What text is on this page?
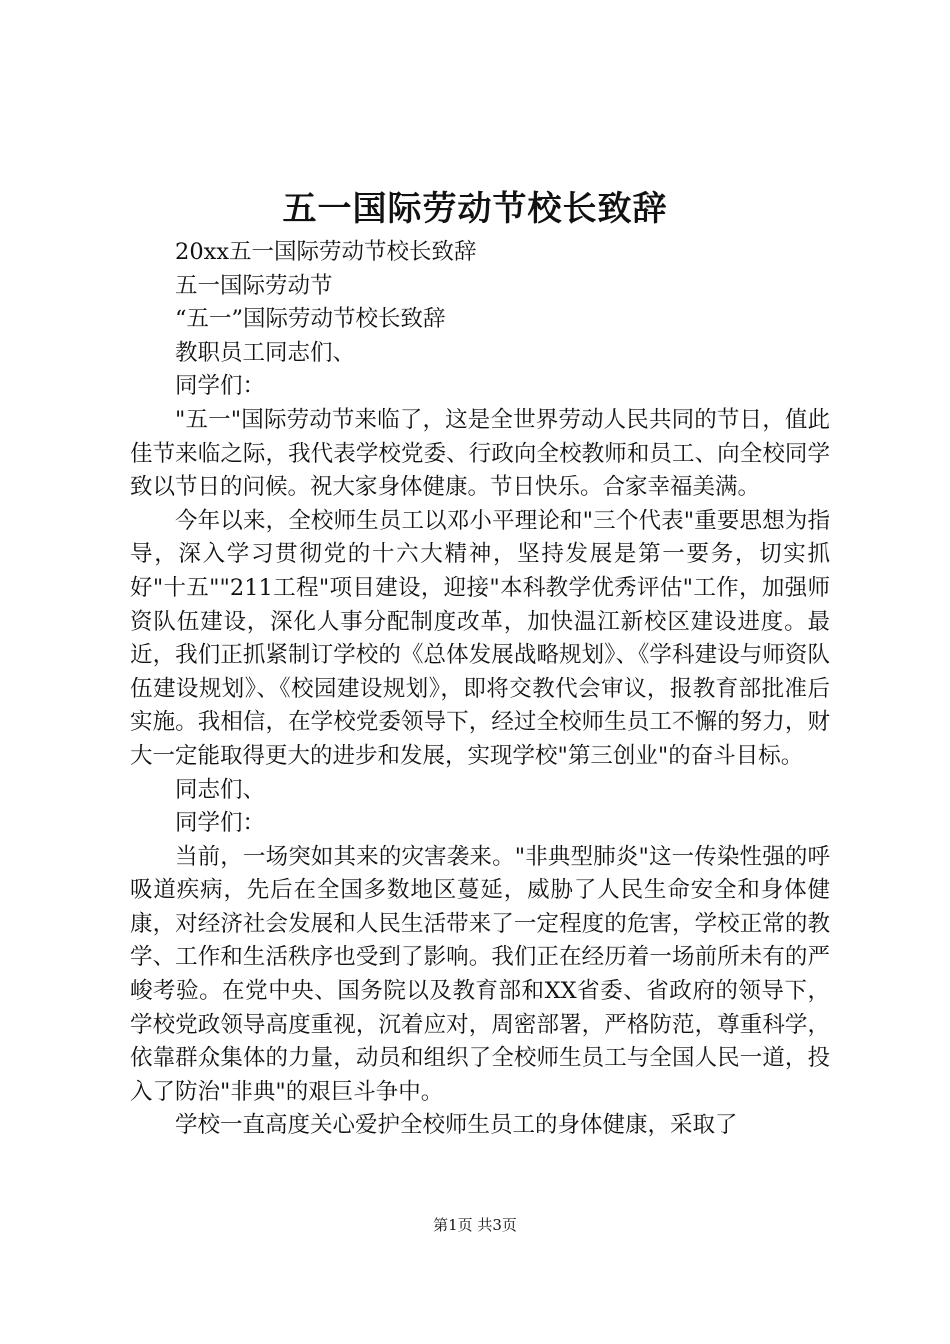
五一国际劳动节校长致辞

20xx五一国际劳动节校长致辞

五一国际劳动节

“五一”国际劳动节校长致辞

教职员工同志们、

同学们：

"五一"国际劳动节来临了，这是全世界劳动人民共同的节日，值此佳节来临之际，我代表学校党委、行政向全校教师和员工、向全校同学致以节日的问候。祝大家身体健康。节日快乐。合家幸福美满。

今年以来，全校师生员工以邓小平理论和"三个代表"重要思想为指导，深入学习贯彻党的十六大精神，坚持发展是第一要务，切实抓好"十五""211工程"项目建设，迎接"本科教学优秀评估"工作，加强师资队伍建设，深化人事分配制度改革，加快温江新校区建设进度。最近，我们正抓紧制订学校的《总体发展战略规划》、《学科建设与师资队伍建设规划》、《校园建设规划》，即将交教代会审议，报教育部批准后实施。我相信，在学校党委领导下，经过全校师生员工不懈的努力，财大一定能取得更大的进步和发展，实现学校"第三创业"的奋斗目标。

同志们、

同学们：

当前，一场突如其来的灾害袭来。"非典型肺炎"这一传染性强的呼吸道疾病，先后在全国多数地区蔓延，威胁了人民生命安全和身体健康，对经济社会发展和人民生活带来了一定程度的危害，学校正常的教学、工作和生活秩序也受到了影响。我们正在经历着一场前所未有的严峻考验。在党中央、国务院以及教育部和XX省委、省政府的领导下，学校党政领导高度重视，沉着应对，周密部署，严格防范，尊重科学，依靠群众集体的力量，动员和组织了全校师生员工与全国人民一道，投入了防治"非典"的艰巨斗争中。

学校一直高度关心爱护全校师生员工的身体健康，采取了

第1页 共3页
